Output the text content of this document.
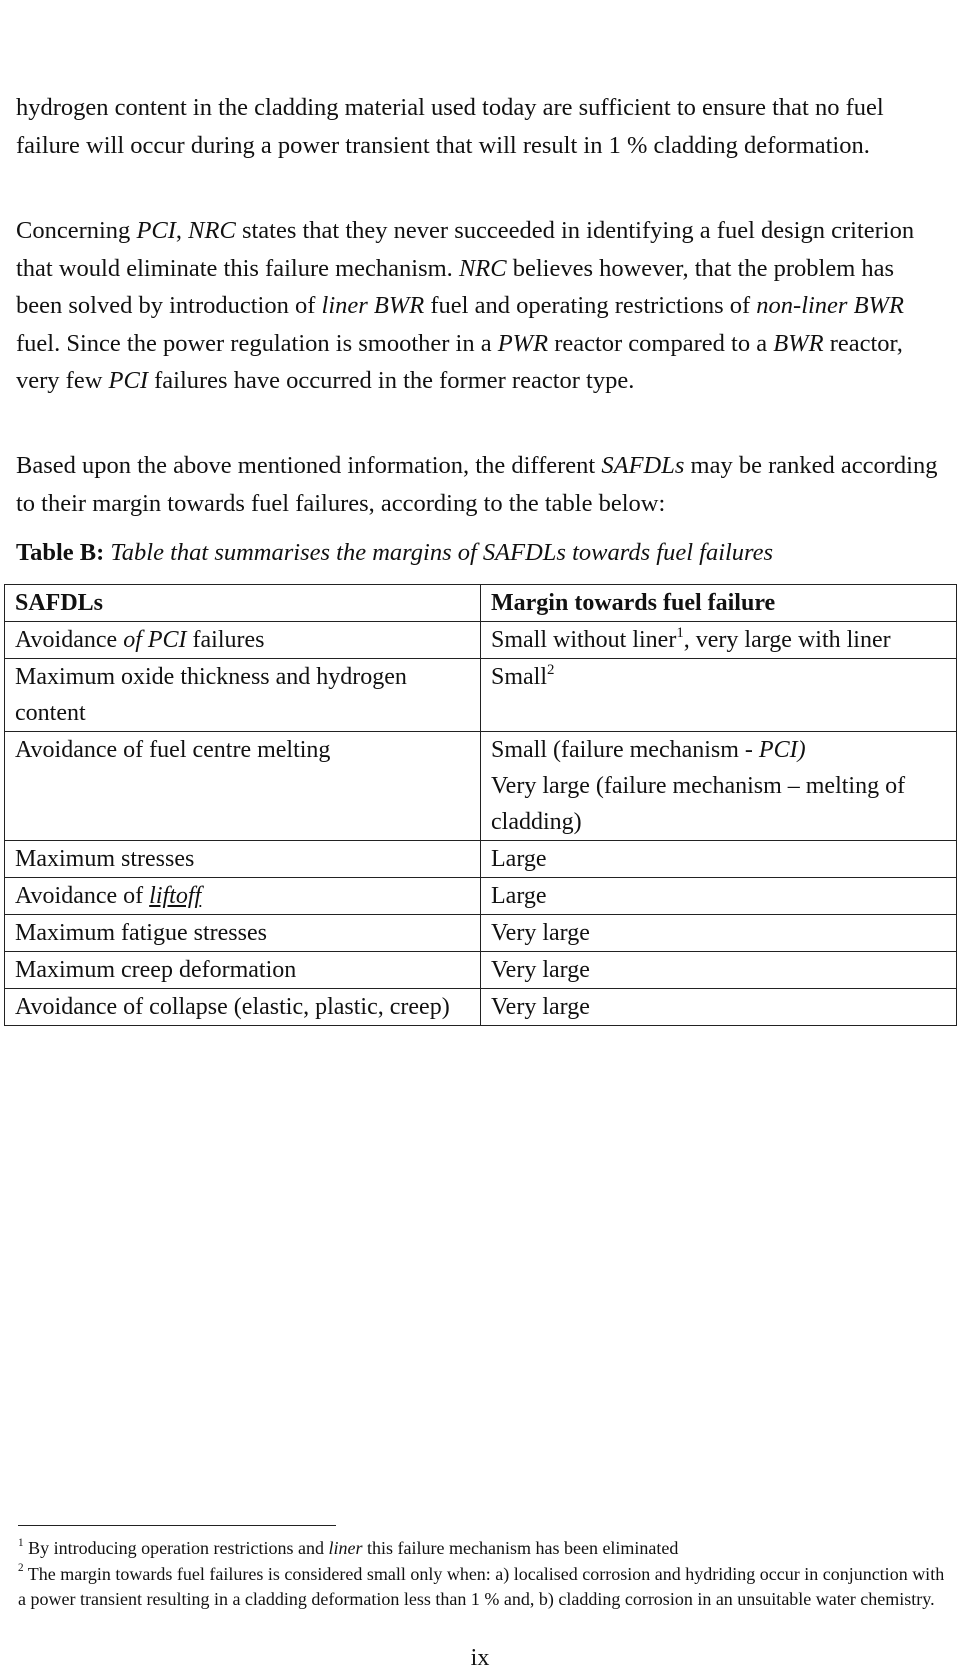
hydrogen content in the cladding material used today are sufficient to ensure that no fuel failure will occur during a power transient that will result in 1 % cladding deformation.

Concerning PCI, NRC states that they never succeeded in identifying a fuel design criterion that would eliminate this failure mechanism. NRC believes however, that the problem has been solved by introduction of liner BWR fuel and operating restrictions of non-liner BWR fuel. Since the power regulation is smoother in a PWR reactor compared to a BWR reactor, very few PCI failures have occurred in the former reactor type.

Based upon the above mentioned information, the different SAFDLs may be ranked according to their margin towards fuel failures, according to the table below:

Table B: Table that summarises the margins of SAFDLs towards fuel failures

SAFDLs	Margin towards fuel failure
Avoidance of PCI failures	Small without liner$^1$, very large with liner
Maximum oxide thickness and hydrogen content	Small$^2$
Avoidance of fuel centre melting	Small (failure mechanism - PCI)
Very large (failure mechanism – melting of cladding)
Maximum stresses	Large
Avoidance of liftoff	Large
Maximum fatigue stresses	Very large
Maximum creep deformation	Very large
Avoidance of collapse (elastic, plastic, creep)	Very large

$^1$ By introducing operation restrictions and liner this failure mechanism has been eliminated

$^2$ The margin towards fuel failures is considered small only when: a) localised corrosion and hydriding occur in conjunction with a power transient resulting in a cladding deformation less than 1 % and, b) cladding corrosion in an unsuitable water chemistry.

ix
